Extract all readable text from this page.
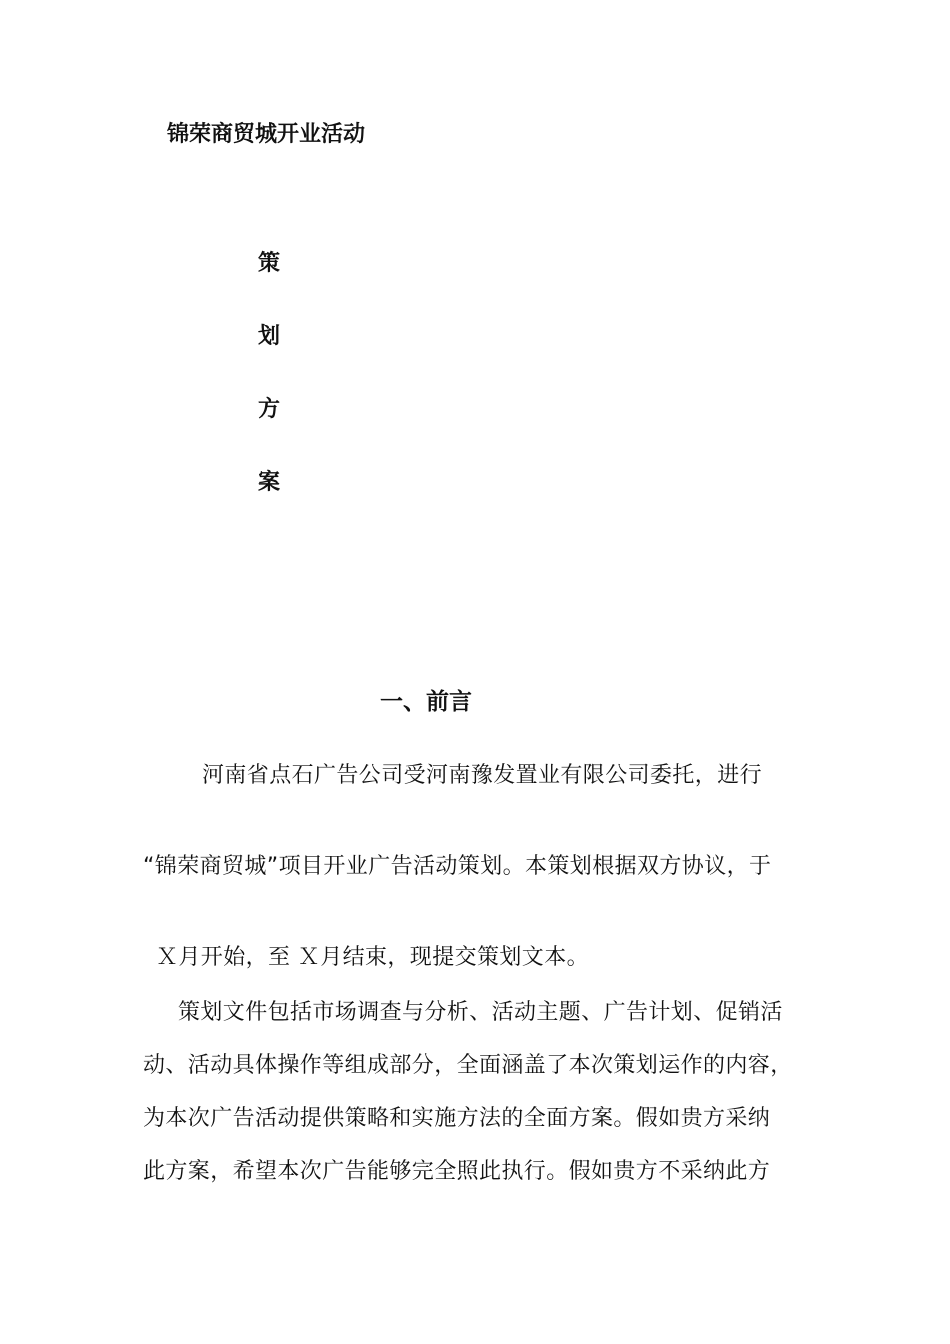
锦荣商贸城开业活动
策
划
方
案
一、前言
河南省点石广告公司受河南豫发置业有限公司委托，进行
“锦荣商贸城”项目开业广告活动策划。本策划根据双方协议，于
Ｘ月开始，至 Ｘ月结束，现提交策划文本。
策划文件包括市场调查与分析、活动主题、广告计划、促销活
动、活动具体操作等组成部分，全面涵盖了本次策划运作的内容，
为本次广告活动提供策略和实施方法的全面方案。假如贵方采纳
此方案，希望本次广告能够完全照此执行。假如贵方不采纳此方
